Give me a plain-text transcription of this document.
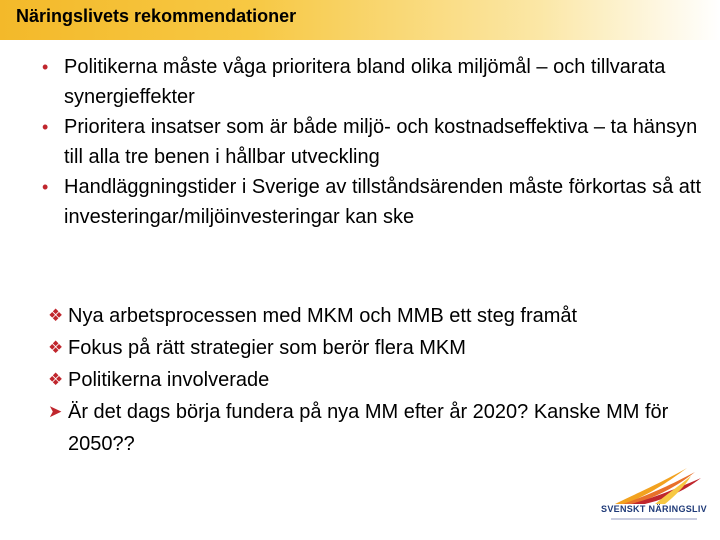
Näringslivets rekommendationer

• Politikerna måste våga prioritera bland olika miljömål – och tillvarata synergieffekter

• Prioritera insatser som är både miljö- och kostnadseffektiva – ta hänsyn till alla tre benen i hållbar utveckling

• Handläggningstider i Sverige av tillståndsärenden måste förkortas så att investeringar/miljöinvesteringar kan ske

❖ Nya arbetsprocessen med MKM och MMB ett steg framåt
❖ Fokus på rätt strategier som berör flera MKM
❖ Politikerna involverade
➤ Är det dags börja fundera på nya MM efter år 2020? Kanske MM för 2050??
SVENSKT NÄRINGSLIV
